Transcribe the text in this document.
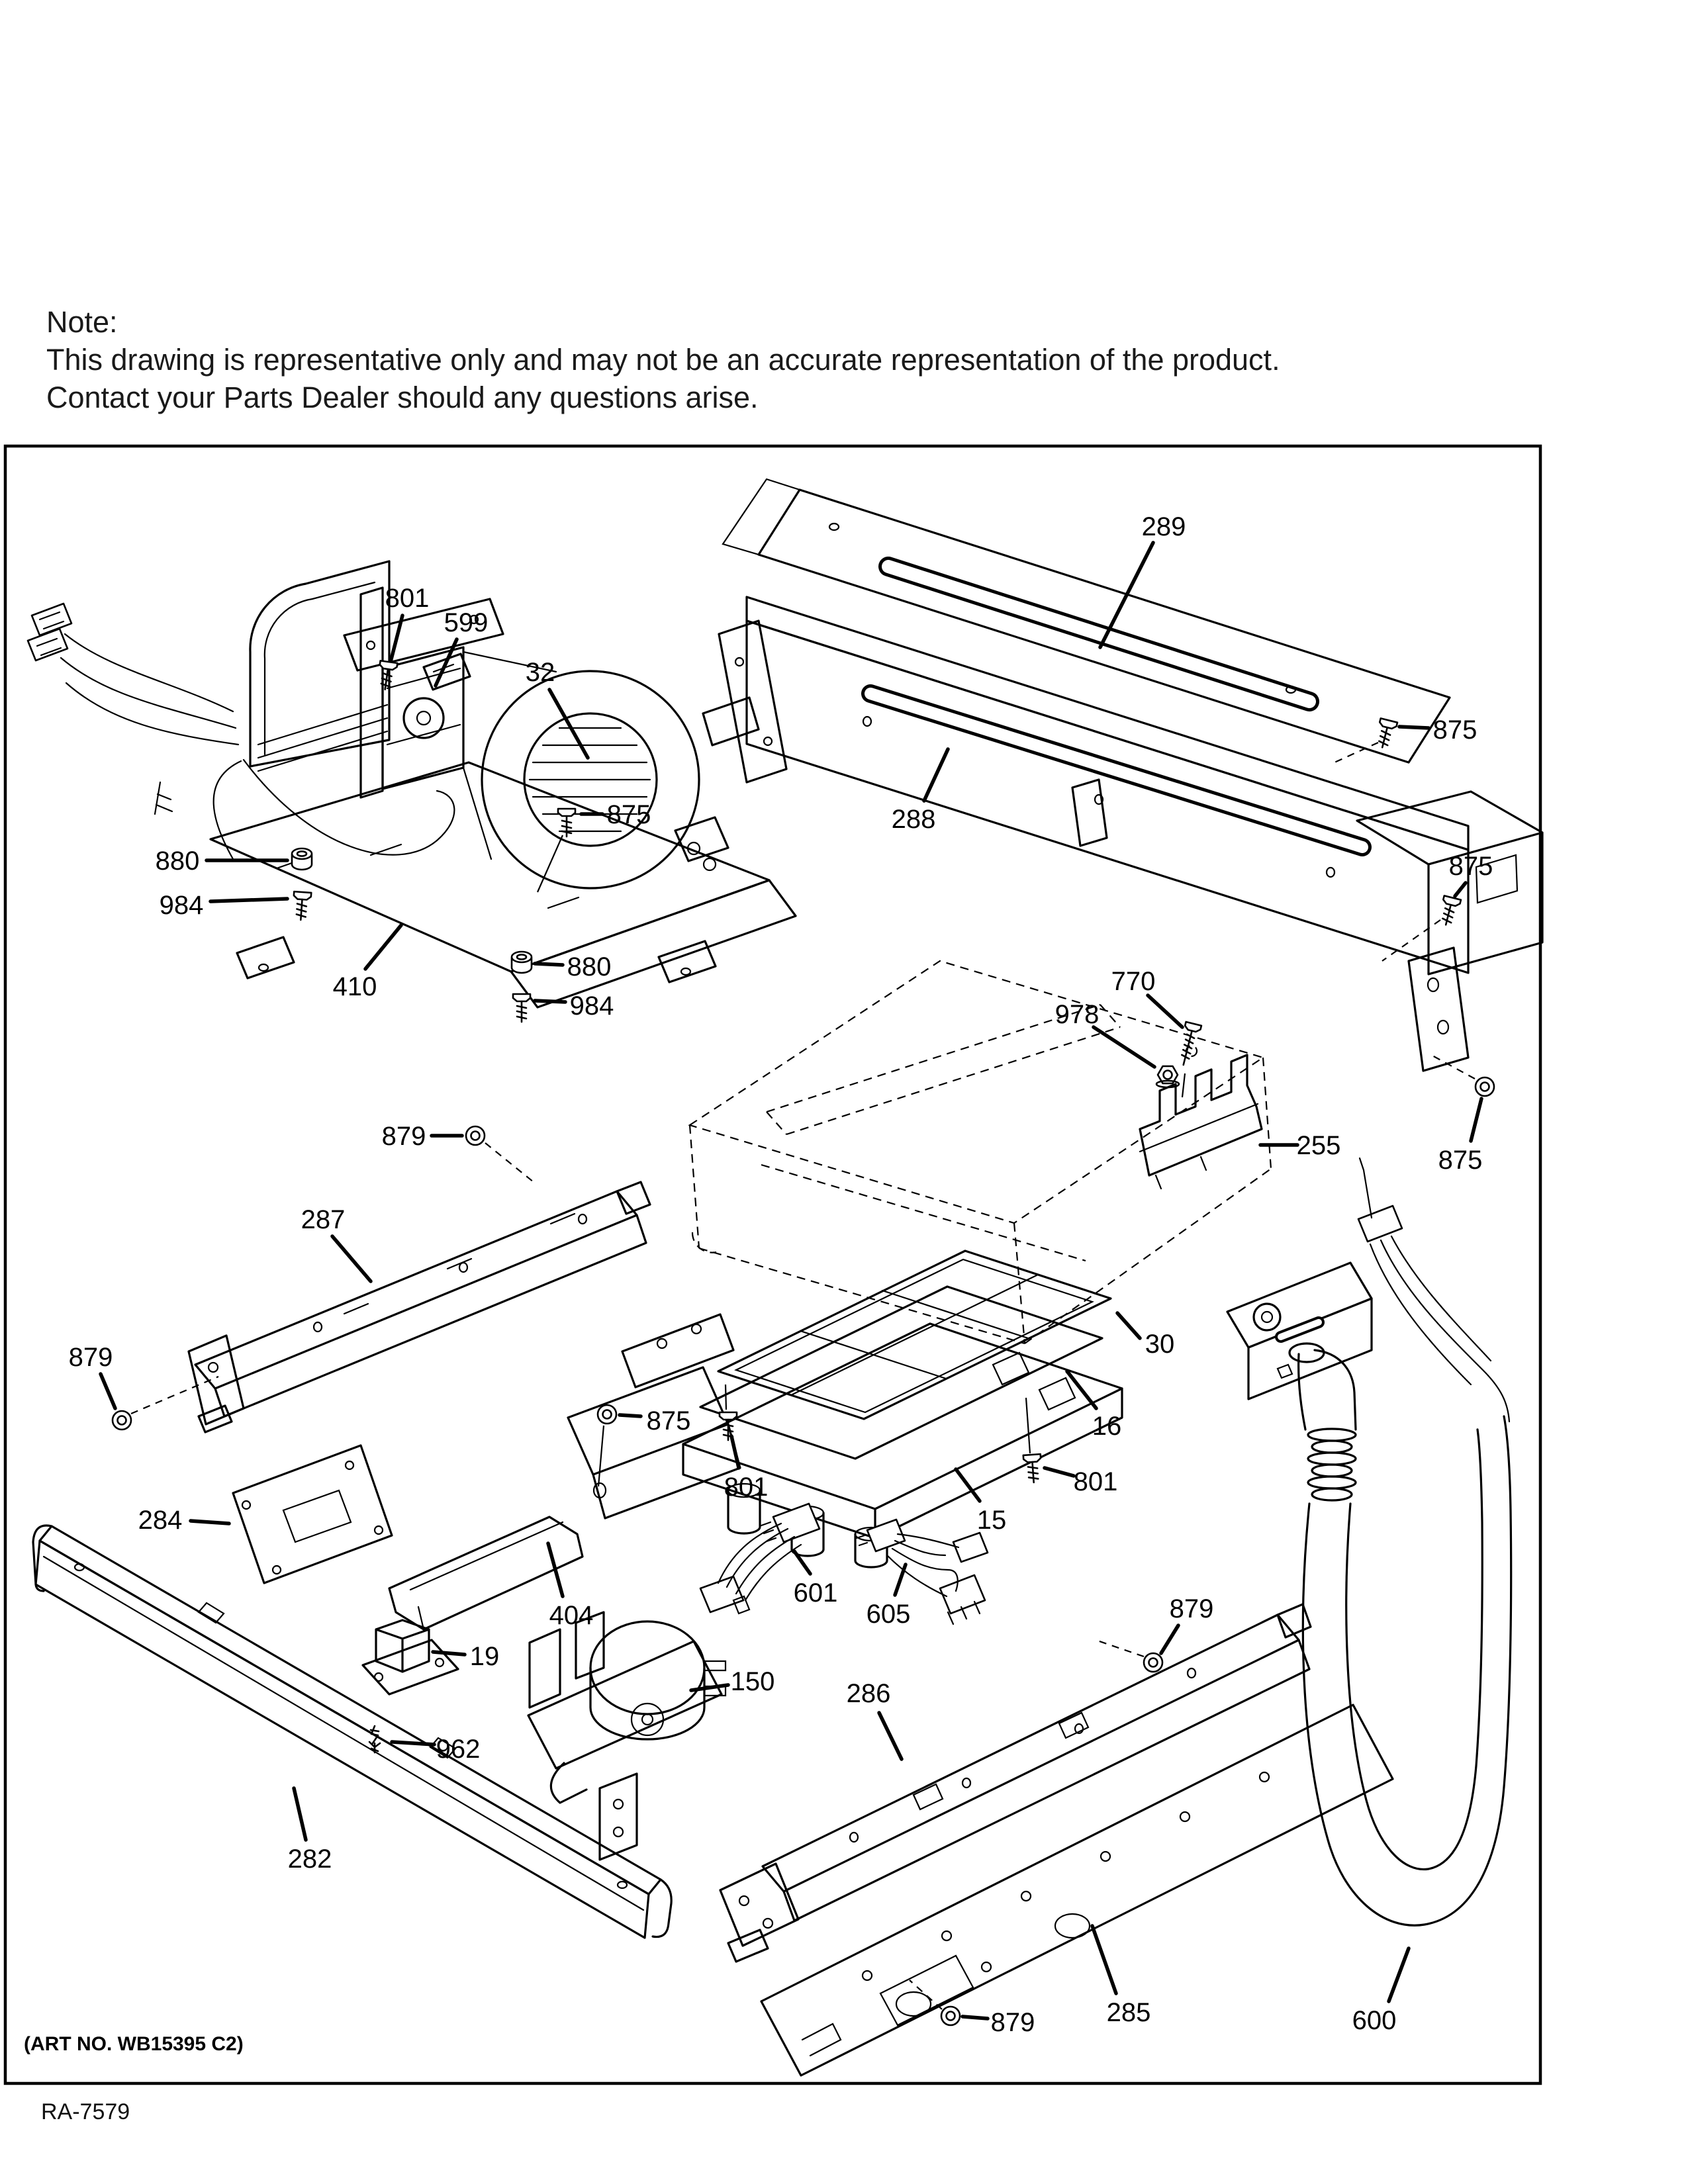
Note:

This drawing is representative only and may not be an accurate representation of the product.

Contact your Parts Dealer should any questions arise.

289
801
599
32
875	288
875
880
984
875
410
880
984
770
978
255	875
879
287
879	30
875	16
801
284	15
801
404
19
962
150
601
605
286
879
282
285	600
879
(ART NO. WB15395 C2)
RA-7579
